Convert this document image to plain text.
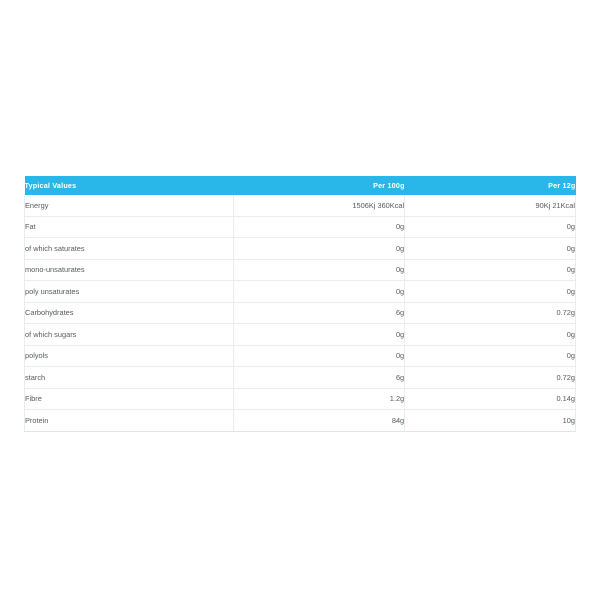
Typical Values	Per 100g	Per 12g
Energy	1506Kj 360Kcal	90Kj 21Kcal
Fat	0g	0g
of which saturates	0g	0g
mono-unsaturates	0g	0g
poly unsaturates	0g	0g
Carbohydrates	6g	0.72g
of which sugars	0g	0g
polyols	0g	0g
starch	6g	0.72g
Fibre	1.2g	0.14g
Protein	84g	10g
